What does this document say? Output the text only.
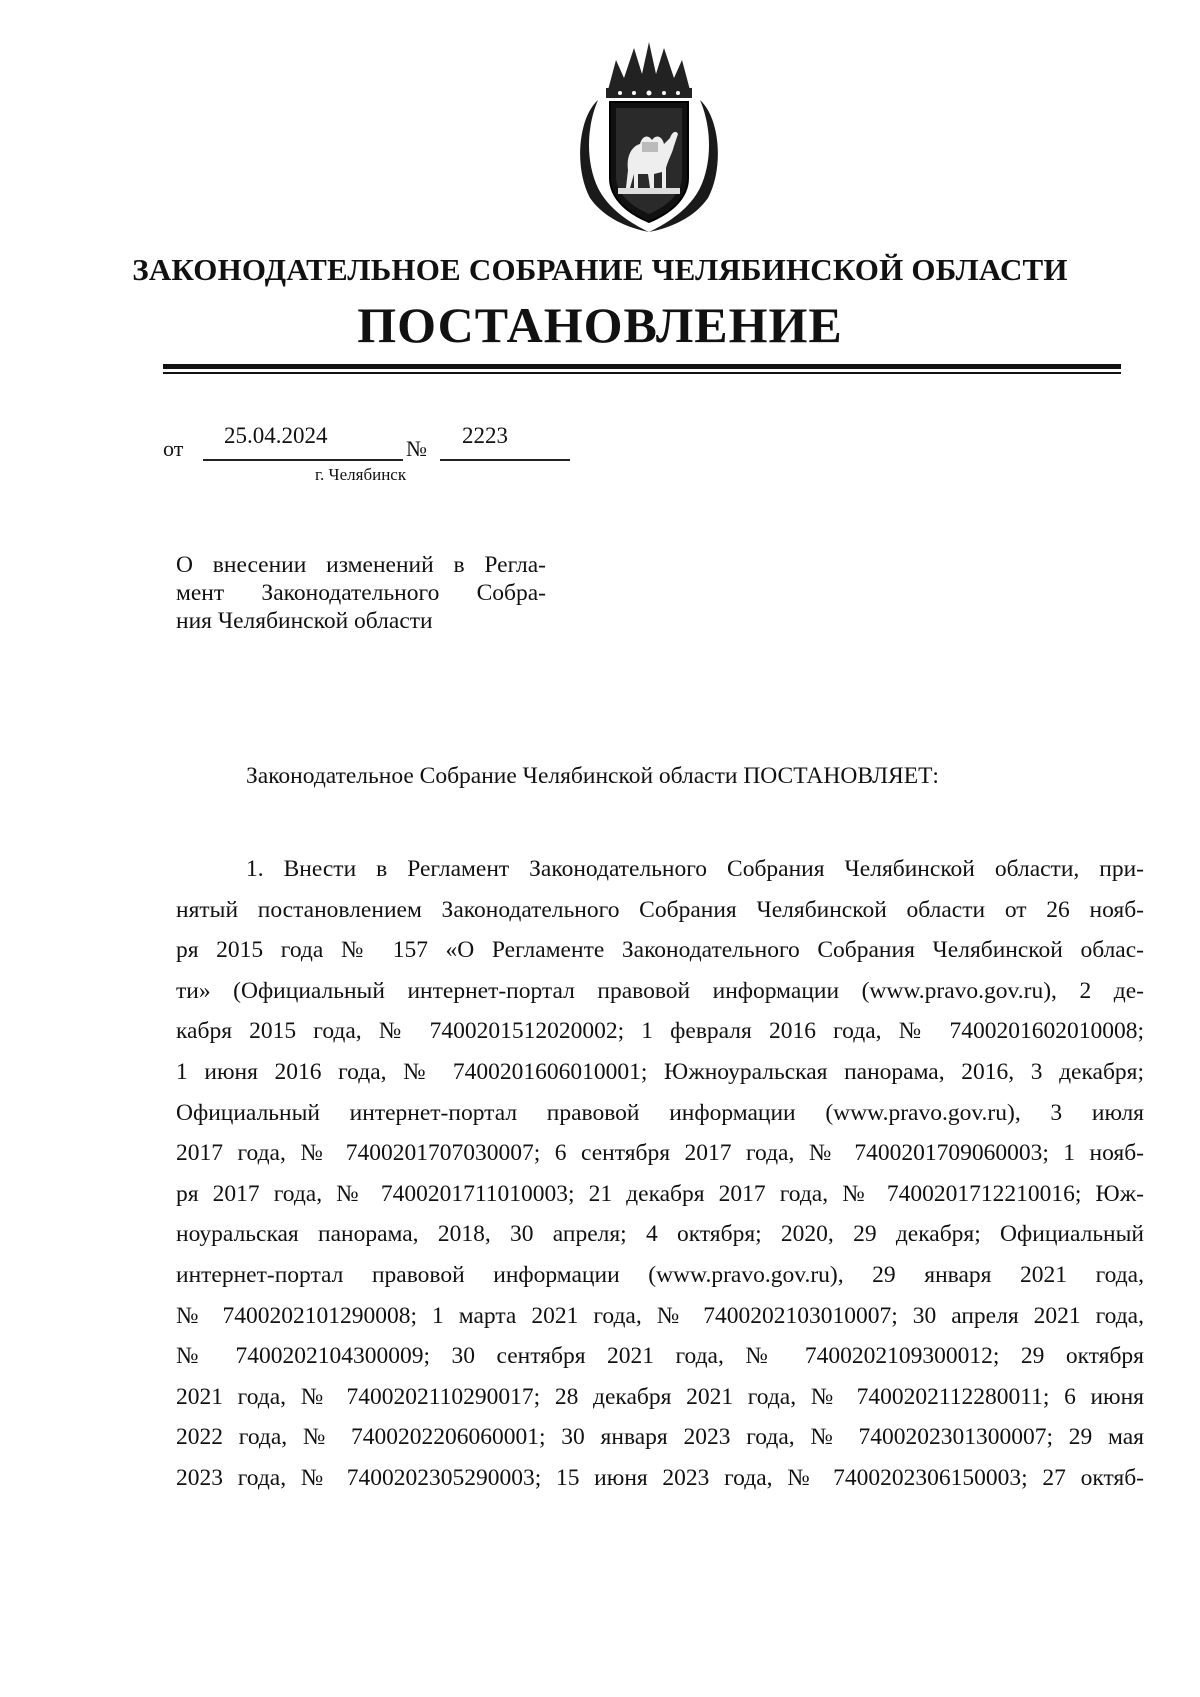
ЗАКОНОДАТЕЛЬНОЕ СОБРАНИЕ ЧЕЛЯБИНСКОЙ ОБЛАСТИ
ПОСТАНОВЛЕНИЕ
от
25.04.2024
№
2223
г. Челябинск
О внесении изменений в Регла-
мент Законодательного Собра-
ния Челябинской области
Законодательное Собрание Челябинской области ПОСТАНОВЛЯЕТ:
1. Внести в Регламент Законодательного Собрания Челябинской области, при-
нятый постановлением Законодательного Собрания Челябинской области от 26 нояб-
ря 2015 года № 157 «О Регламенте Законодательного Собрания Челябинской облас-
ти» (Официальный интернет-портал правовой информации (www.pravo.gov.ru), 2 де-
кабря 2015 года, № 7400201512020002; 1 февраля 2016 года, № 7400201602010008;
1 июня 2016 года, № 7400201606010001; Южноуральская панорама, 2016, 3 декабря;
Официальный интернет-портал правовой информации (www.pravo.gov.ru), 3 июля
2017 года, № 7400201707030007; 6 сентября 2017 года, № 7400201709060003; 1 нояб-
ря 2017 года, № 7400201711010003; 21 декабря 2017 года, № 7400201712210016; Юж-
ноуральская панорама, 2018, 30 апреля; 4 октября; 2020, 29 декабря; Официальный
интернет-портал правовой информации (www.pravo.gov.ru), 29 января 2021 года,
№ 7400202101290008; 1 марта 2021 года, № 7400202103010007; 30 апреля 2021 года,
№ 7400202104300009; 30 сентября 2021 года, № 7400202109300012; 29 октября
2021 года, № 7400202110290017; 28 декабря 2021 года, № 7400202112280011; 6 июня
2022 года, № 7400202206060001; 30 января 2023 года, № 7400202301300007; 29 мая
2023 года, № 7400202305290003; 15 июня 2023 года, № 7400202306150003; 27 октяб-
